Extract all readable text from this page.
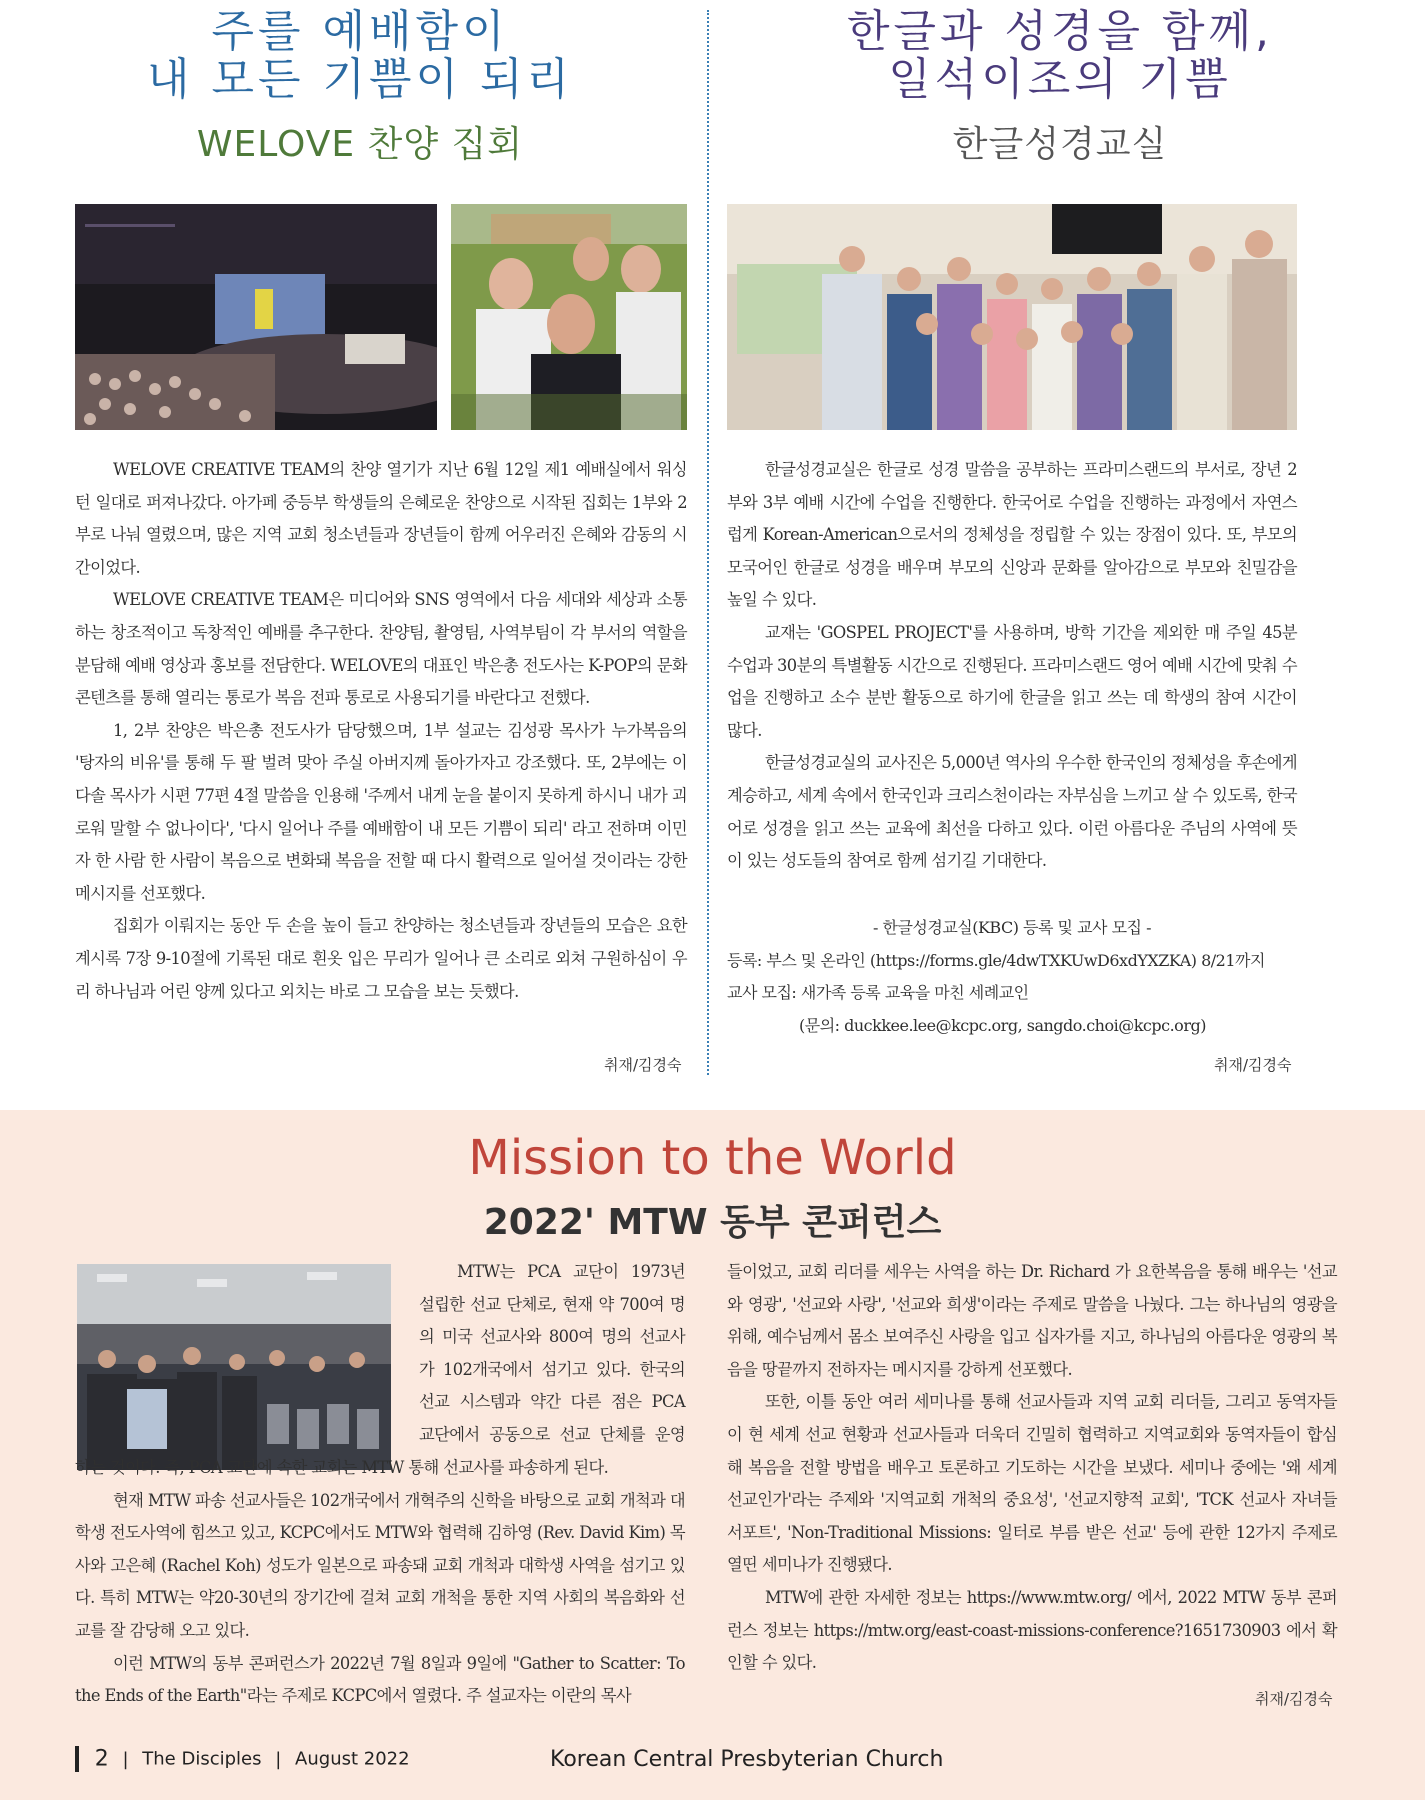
주를 예배함이
내 모든 기쁨이 되리
WELOVE 찬양 집회

WELOVE CREATIVE TEAM의 찬양 열기가 지난 6월 12일 제1 예배실에서 워싱턴 일대로 퍼져나갔다. 아가페 중등부 학생들의 은혜로운 찬양으로 시작된 집회는 1부와 2부로 나눠 열렸으며, 많은 지역 교회 청소년들과 장년들이 함께 어우러진 은혜와 감동의 시간이었다.

WELOVE CREATIVE TEAM은 미디어와 SNS 영역에서 다음 세대와 세상과 소통하는 창조적이고 독창적인 예배를 추구한다. 찬양팀, 촬영팀, 사역부팀이 각 부서의 역할을 분담해 예배 영상과 홍보를 전담한다. WELOVE의 대표인 박은총 전도사는 K-POP의 문화 콘텐츠를 통해 열리는 통로가 복음 전파 통로로 사용되기를 바란다고 전했다.

1, 2부 찬양은 박은총 전도사가 담당했으며, 1부 설교는 김성광 목사가 누가복음의 '탕자의 비유'를 통해 두 팔 벌려 맞아 주실 아버지께 돌아가자고 강조했다. 또, 2부에는 이다솔 목사가 시편 77편 4절 말씀을 인용해 '주께서 내게 눈을 붙이지 못하게 하시니 내가 괴로워 말할 수 없나이다', '다시 일어나 주를 예배함이 내 모든 기쁨이 되리' 라고 전하며 이민자 한 사람 한 사람이 복음으로 변화돼 복음을 전할 때 다시 활력으로 일어설 것이라는 강한 메시지를 선포했다.

집회가 이뤄지는 동안 두 손을 높이 들고 찬양하는 청소년들과 장년들의 모습은 요한계시록 7장 9-10절에 기록된 대로 흰옷 입은 무리가 일어나 큰 소리로 외쳐 구원하심이 우리 하나님과 어린 양께 있다고 외치는 바로 그 모습을 보는 듯했다.

취재/김경숙
한글과 성경을 함께,
일석이조의 기쁨
한글성경교실

한글성경교실은 한글로 성경 말씀을 공부하는 프라미스랜드의 부서로, 장년 2부와 3부 예배 시간에 수업을 진행한다. 한국어로 수업을 진행하는 과정에서 자연스럽게 Korean-American으로서의 정체성을 정립할 수 있는 장점이 있다. 또, 부모의 모국어인 한글로 성경을 배우며 부모의 신앙과 문화를 알아감으로 부모와 친밀감을 높일 수 있다.

교재는 'GOSPEL PROJECT'를 사용하며, 방학 기간을 제외한 매 주일 45분 수업과 30분의 특별활동 시간으로 진행된다. 프라미스랜드 영어 예배 시간에 맞춰 수업을 진행하고 소수 분반 활동으로 하기에 한글을 읽고 쓰는 데 학생의 참여 시간이 많다.

한글성경교실의 교사진은 5,000년 역사의 우수한 한국인의 정체성을 후손에게 계승하고, 세계 속에서 한국인과 크리스천이라는 자부심을 느끼고 살 수 있도록, 한국어로 성경을 읽고 쓰는 교육에 최선을 다하고 있다. 이런 아름다운 주님의 사역에 뜻이 있는 성도들의 참여로 함께 섬기길 기대한다.

- 한글성경교실(KBC) 등록 및 교사 모집 -
등록: 부스 및 온라인 (https://forms.gle/4dwTXKUwD6xdYXZKA) 8/21까지
교사 모집: 새가족 등록 교육을 마친 세례교인
(문의: duckkee.lee@kcpc.org, sangdo.choi@kcpc.org)
취재/김경숙
Mission to the World
2022' MTW 동부 콘퍼런스
MTW는 PCA 교단이 1973년
설립한 선교 단체로, 현재 약 700여 명
의 미국 선교사와 800여 명의 선교사
가 102개국에서 섬기고 있다. 한국의
선교 시스템과 약간 다른 점은 PCA
교단에서 공동으로 선교 단체를 운영

하는 것이다. 즉, PCA 교단에 속한 교회는 MTW 통해 선교사를 파송하게 된다.

현재 MTW 파송 선교사들은 102개국에서 개혁주의 신학을 바탕으로 교회 개척과 대학생 전도사역에 힘쓰고 있고, KCPC에서도 MTW와 협력해 김하영 (Rev. David Kim) 목사와 고은혜 (Rachel Koh) 성도가 일본으로 파송돼 교회 개척과 대학생 사역을 섬기고 있다. 특히 MTW는 약20-30년의 장기간에 걸쳐 교회 개척을 통한 지역 사회의 복음화와 선교를 잘 감당해 오고 있다.

이런 MTW의 동부 콘퍼런스가 2022년 7월 8일과 9일에 "Gather to Scatter: To the Ends of the Earth"라는 주제로 KCPC에서 열렸다. 주 설교자는 이란의 목사

들이었고, 교회 리더를 세우는 사역을 하는 Dr. Richard 가 요한복음을 통해 배우는 '선교와 영광', '선교와 사랑', '선교와 희생'이라는 주제로 말씀을 나눴다. 그는 하나님의 영광을 위해, 예수님께서 몸소 보여주신 사랑을 입고 십자가를 지고, 하나님의 아름다운 영광의 복음을 땅끝까지 전하자는 메시지를 강하게 선포했다.

또한, 이틀 동안 여러 세미나를 통해 선교사들과 지역 교회 리더들, 그리고 동역자들이 현 세계 선교 현황과 선교사들과 더욱더 긴밀히 협력하고 지역교회와 동역자들이 합심해 복음을 전할 방법을 배우고 토론하고 기도하는 시간을 보냈다. 세미나 중에는 '왜 세계 선교인가'라는 주제와 '지역교회 개척의 중요성', '선교지향적 교회', 'TCK 선교사 자녀들 서포트', 'Non-Traditional Missions: 일터로 부름 받은 선교' 등에 관한 12가지 주제로 열띤 세미나가 진행됐다.

MTW에 관한 자세한 정보는 https://www.mtw.org/ 에서, 2022 MTW 동부 콘퍼런스 정보는 https://mtw.org/east-coast-missions-conference?1651730903 에서 확인할 수 있다.

취재/김경숙
2 | The Disciples | August 2022	Korean Central Presbyterian Church
